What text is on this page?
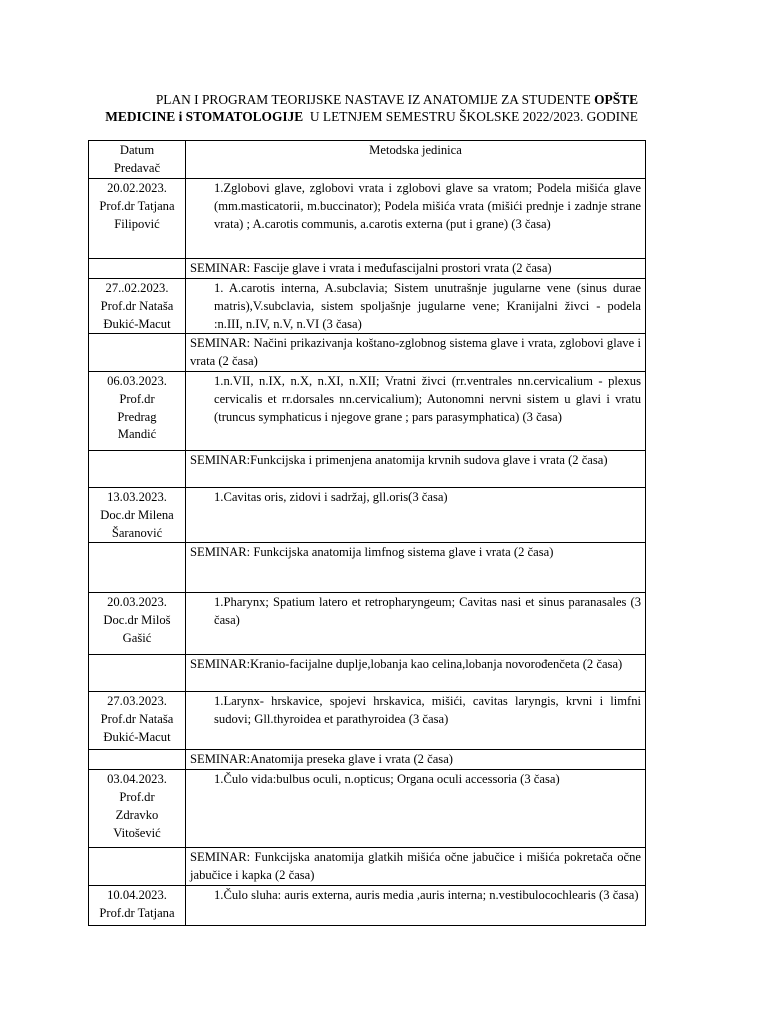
PLAN I PROGRAM TEORIJSKE NASTAVE IZ ANATOMIJE ZA STUDENTE OPŠTE
MEDICINE i STOMATOLOGIJE  U LETNJEM SEMESTRU ŠKOLSKE 2022/2023. GODINE
Datum
Predavač	Metodska jedinica

20.02.2023.
Prof.dr Tatjana Filipović	1.Zglobovi glave, zglobovi vrata i zglobovi glave sa vratom; Podela mišića glave (mm.masticatorii, m.buccinator); Podela mišića vrata (mišići prednje i zadnje strane vrata) ; A.carotis communis, a.carotis externa (put i grane) (3 časa)
	SEMINAR: Fascije glave i vrata i međufascijalni prostori vrata (2 časa)

27..02.2023.
Prof.dr Nataša Đukić-Macut	1. A.carotis interna, A.subclavia; Sistem unutrašnje jugularne vene (sinus durae matris),V.subclavia, sistem spoljašnje jugularne vene; Kranijalni živci - podela :n.III, n.IV, n.V, n.VI (3 časa)
	SEMINAR: Načini prikazivanja koštano-zglobnog sistema glave i vrata, zglobovi glave i vrata (2 časa)

06.03.2023.
Prof.dr Predrag Mandić	1.n.VII, n.IX, n.X, n.XI, n.XII; Vratni živci (rr.ventrales nn.cervicalium - plexus cervicalis et rr.dorsales nn.cervicalium); Autonomni nervni sistem u glavi i vratu (truncus symphaticus i njegove grane ; pars parasymphatica) (3 časa)
	SEMINAR:Funkcijska i primenjena anatomija krvnih sudova glave i vrata (2 časa)

13.03.2023.
Doc.dr Milena Šaranović	1.Cavitas oris, zidovi i sadržaj, gll.oris(3 časa)
	SEMINAR: Funkcijska anatomija limfnog sistema glave i vrata (2 časa)

20.03.2023.
Doc.dr Miloš Gašić	1.Pharynx; Spatium latero et retropharyngeum; Cavitas nasi et sinus paranasales (3 časa)
	SEMINAR:Kranio-facijalne duplje,lobanja kao celina,lobanja novorođenčeta (2 časa)

27.03.2023.
Prof.dr Nataša Đukić-Macut	1.Larynx- hrskavice, spojevi hrskavica, mišići, cavitas laryngis, krvni i limfni sudovi; Gll.thyroidea et parathyroidea (3 časa)
	SEMINAR:Anatomija preseka glave i vrata (2 časa)

03.04.2023.
Prof.dr Zdravko Vitošević	1.Čulo vida:bulbus oculi, n.opticus; Organa oculi accessoria (3 časa)
	SEMINAR: Funkcijska anatomija glatkih mišića očne jabučice i mišića pokretača očne jabučice i kapka (2 časa)

10.04.2023.
Prof.dr Tatjana	1.Čulo sluha: auris externa, auris media ,auris interna; n.vestibulocochlearis (3 časa)
